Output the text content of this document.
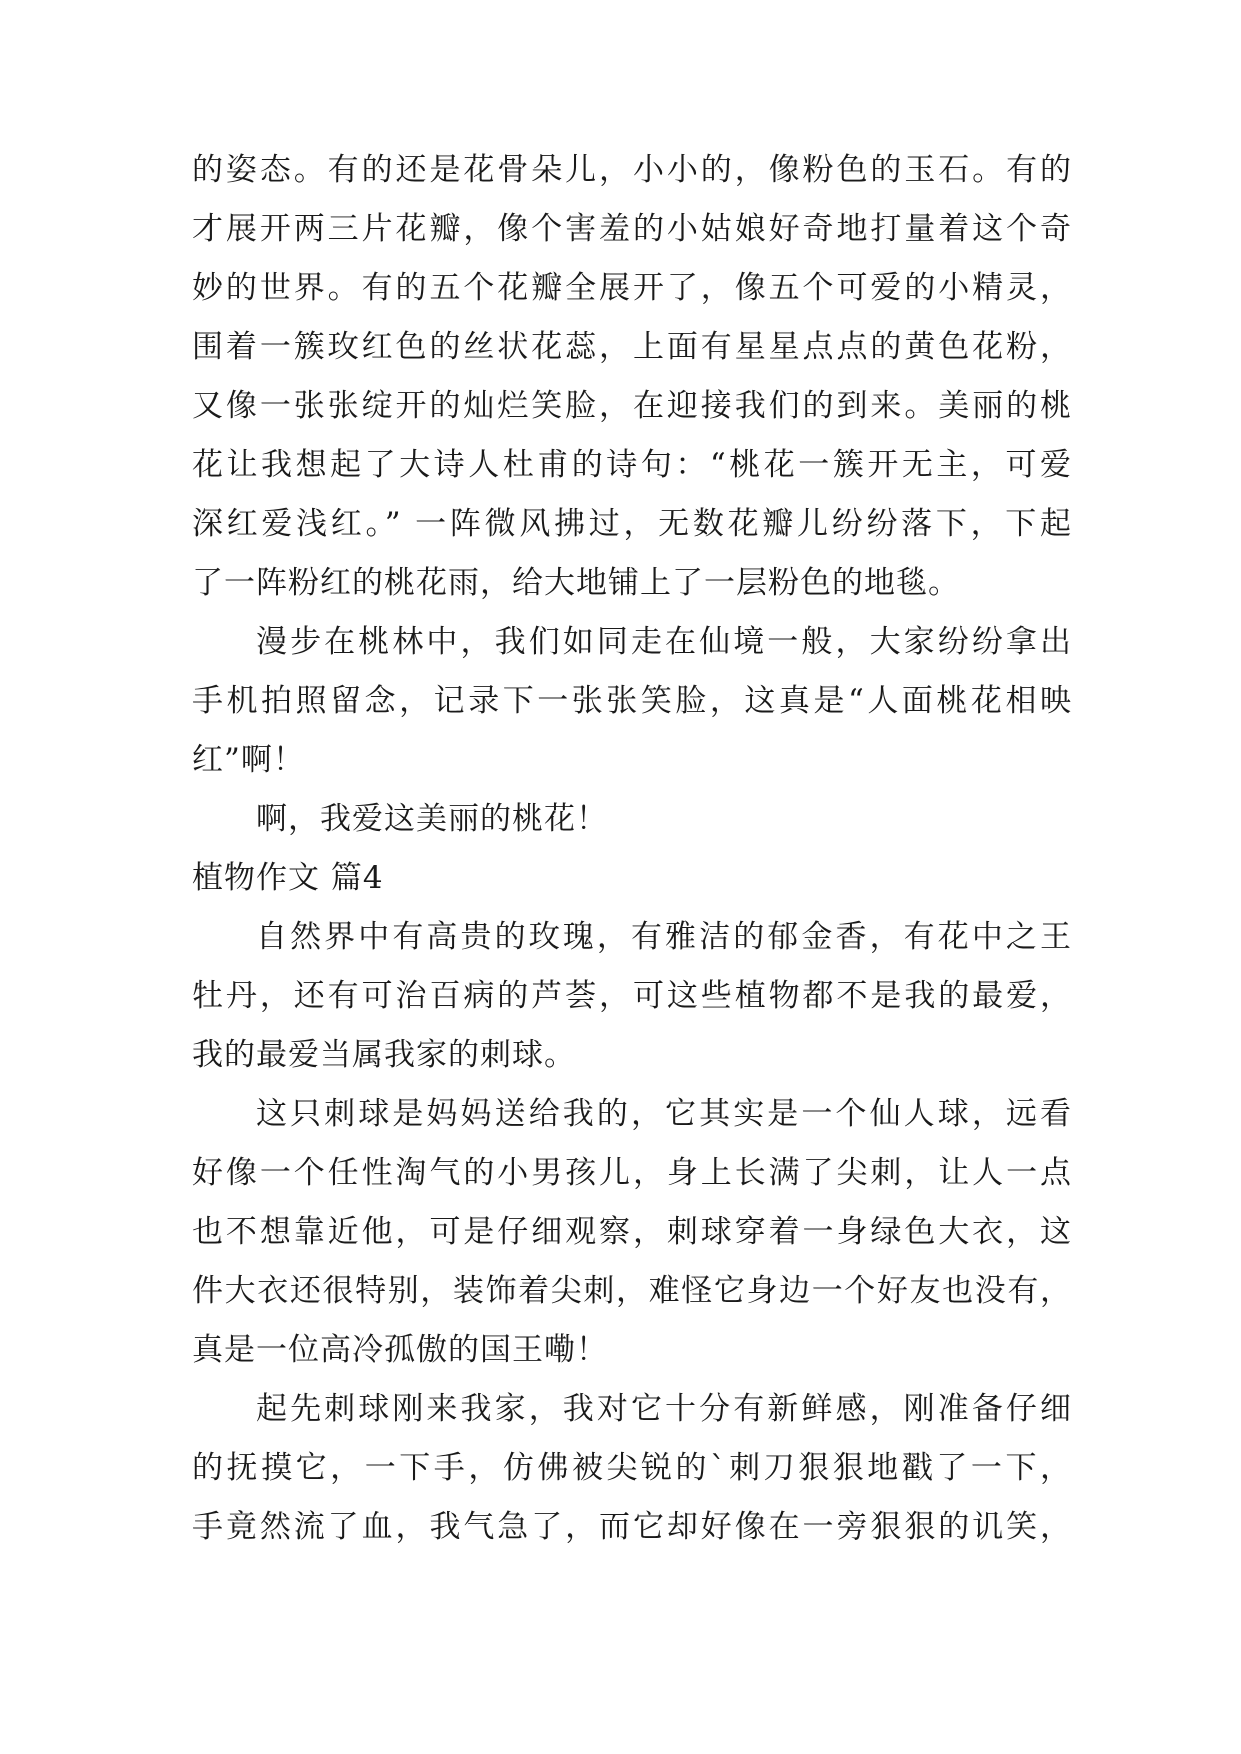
的姿态。有的还是花骨朵儿，小小的，像粉色的玉石。有的
才展开两三片花瓣，像个害羞的小姑娘好奇地打量着这个奇
妙的世界。有的五个花瓣全展开了，像五个可爱的小精灵，
围着一簇玫红色的丝状花蕊，上面有星星点点的黄色花粉，
又像一张张绽开的灿烂笑脸，在迎接我们的到来。美丽的桃
花让我想起了大诗人杜甫的诗句：“桃花一簇开无主，可爱
深红爱浅红。” 一阵微风拂过，无数花瓣儿纷纷落下，下起
了一阵粉红的桃花雨，给大地铺上了一层粉色的地毯。
漫步在桃林中，我们如同走在仙境一般，大家纷纷拿出
手机拍照留念，记录下一张张笑脸，这真是“人面桃花相映
红”啊！
啊，我爱这美丽的桃花！
植物作文 篇4
自然界中有高贵的玫瑰，有雅洁的郁金香，有花中之王
牡丹，还有可治百病的芦荟，可这些植物都不是我的最爱，
我的最爱当属我家的刺球。
这只刺球是妈妈送给我的，它其实是一个仙人球，远看
好像一个任性淘气的小男孩儿，身上长满了尖刺，让人一点
也不想靠近他，可是仔细观察，刺球穿着一身绿色大衣，这
件大衣还很特别，装饰着尖刺，难怪它身边一个好友也没有，
真是一位高冷孤傲的国王嘞！
起先刺球刚来我家，我对它十分有新鲜感，刚准备仔细
的抚摸它，一下手，仿佛被尖锐的`刺刀狠狠地戳了一下，
手竟然流了血，我气急了，而它却好像在一旁狠狠的讥笑，
